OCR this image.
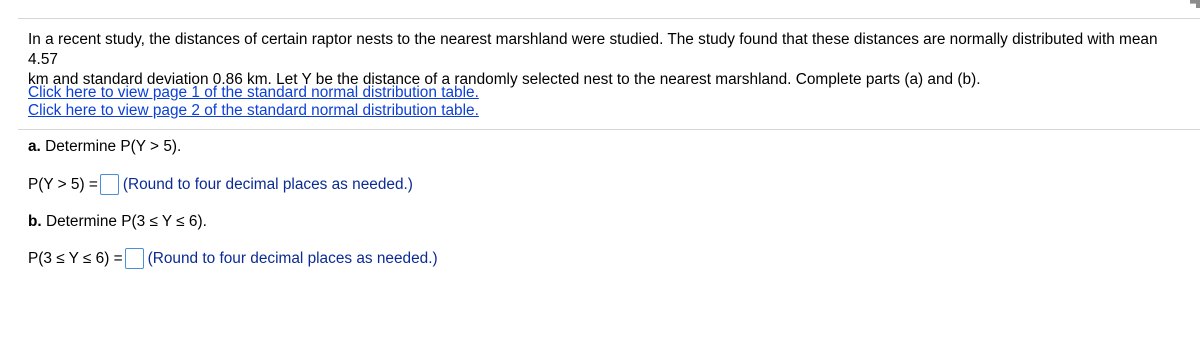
In a recent study, the distances of certain raptor nests to the nearest marshland were studied. The study found that these distances are normally distributed with mean 4.57
km and standard deviation 0.86 km. Let Y be the distance of a randomly selected nest to the nearest marshland. Complete parts (a) and (b).
Click here to view page 1 of the standard normal distribution table.
Click here to view page 2 of the standard normal distribution table.
a. Determine P(Y > 5).
P(Y > 5) = (Round to four decimal places as needed.)
b. Determine P(3 ≤ Y ≤ 6).
P(3 ≤ Y ≤ 6) = (Round to four decimal places as needed.)
